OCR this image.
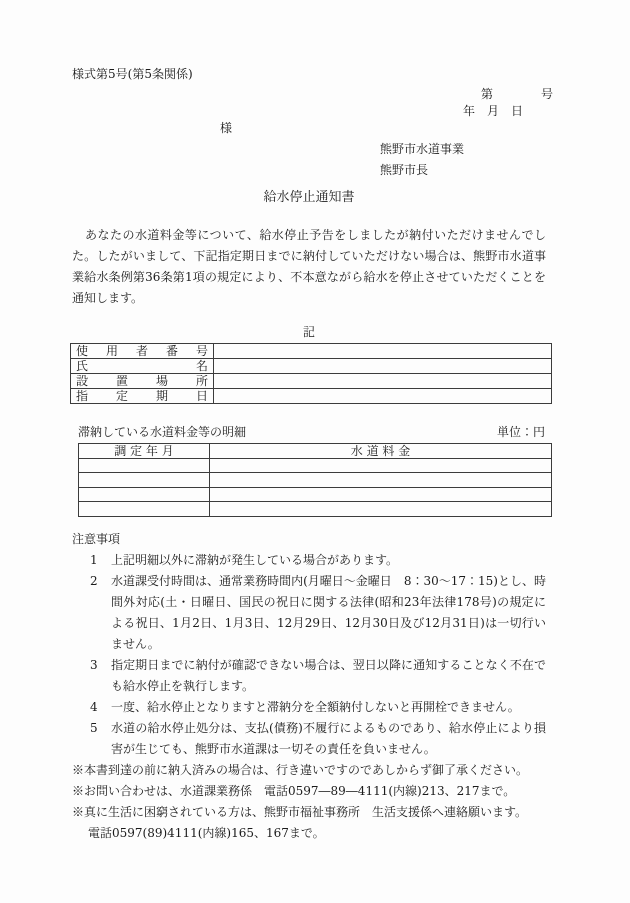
様式第5号(第5条関係)
第　　　　号
年　月　日
様
熊野市水道事業
熊野市長
給水停止通知書
あなたの水道料金等について、給水停止予告をしましたが納付いただけませんでした。したがいまして、下記指定期日までに納付していただけない場合は、熊野市水道事業給水条例第36条第1項の規定により、不本意ながら給水を停止させていただくことを通知します。
記
使用者番号	
氏名	
設置場所	
指定期日	
滞納している水道料金等の明細	単位：円
調 定 年 月	水 道 料 金

注意事項
1 上記明細以外に滞納が発生している場合があります。
2 水道課受付時間は、通常業務時間内(月曜日～金曜日　8：30～17：15)とし、時間外対応(土・日曜日、国民の祝日に関する法律(昭和23年法律178号)の規定による祝日、1月2日、1月3日、12月29日、12月30日及び12月31日)は一切行いません。
3 指定期日までに納付が確認できない場合は、翌日以降に通知することなく不在でも給水停止を執行します。
4 一度、給水停止となりますと滞納分を全額納付しないと再開栓できません。
5 水道の給水停止処分は、支払(債務)不履行によるものであり、給水停止により損害が生じても、熊野市水道課は一切その責任を負いません。
※本書到達の前に納入済みの場合は、行き違いですのであしからず御了承ください。
※お問い合わせは、水道課業務係　電話0597―89―4111(内線)213、217まで。
※真に生活に困窮されている方は、熊野市福祉事務所　生活支援係へ連絡願います。
電話0597(89)4111(内線)165、167まで。
